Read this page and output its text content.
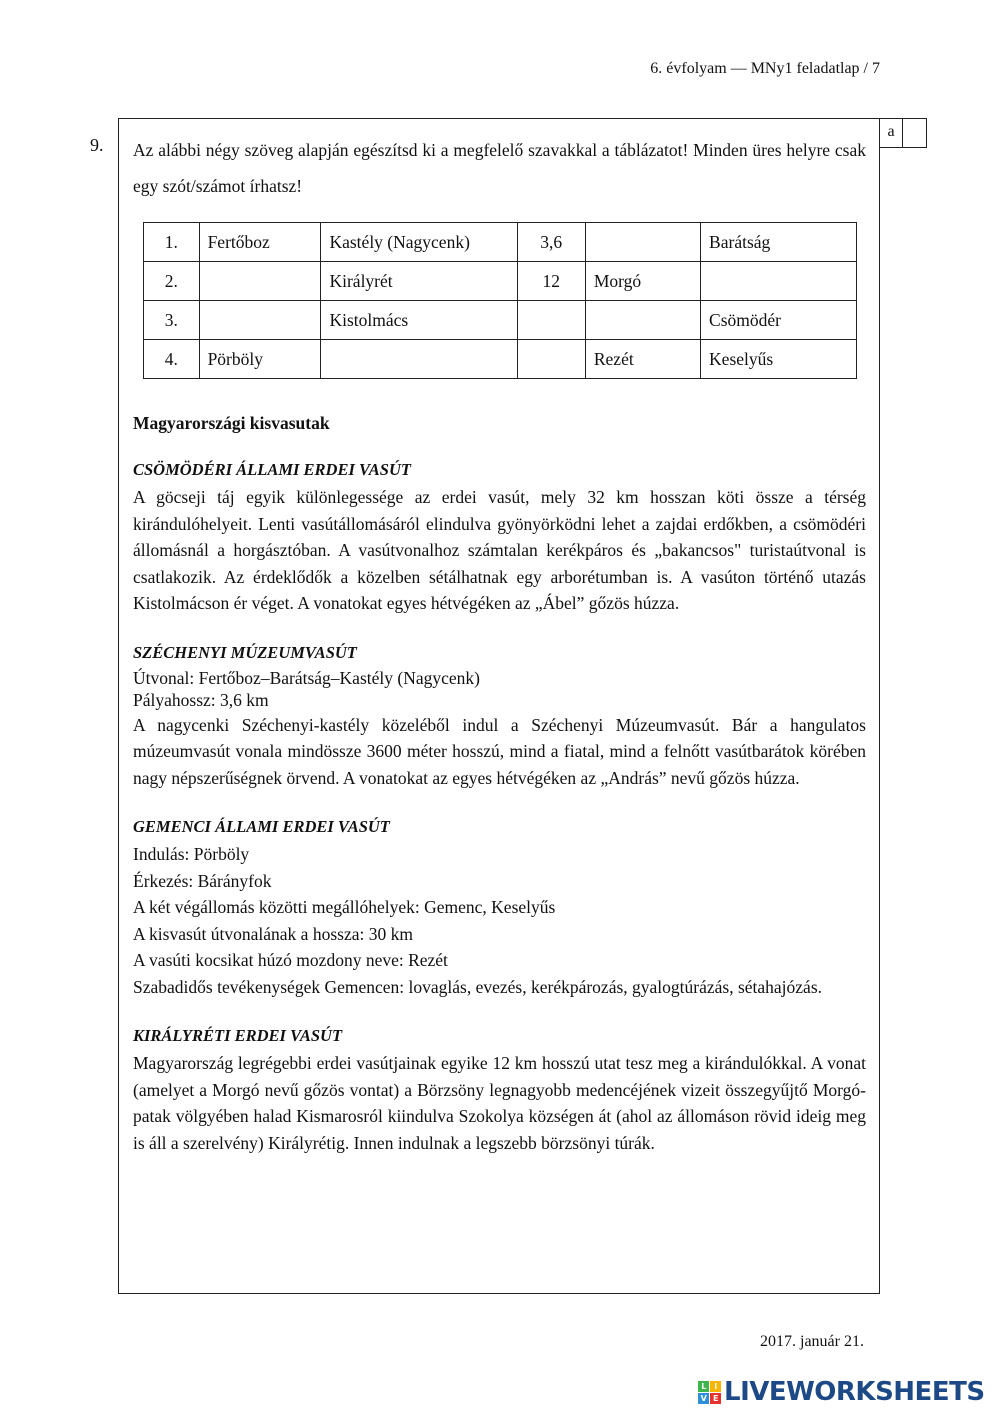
6. évfolyam — MNy1 feladatlap / 7
9.
a

Az alábbi négy szöveg alapján egészítsd ki a megfelelő szavakkal a táblázatot! Minden üres helyre csak egy szót/számot írhatsz!

1.	Fertőboz	Kastély (Nagycenk)	3,6		Barátság
2.		Királyrét	12	Morgó	
3.		Kistolmács			Csömödér
4.	Pörböly			Rezét	Keselyűs
Magyarországi kisvasutak
CSÖMÖDÉRI ÁLLAMI ERDEI VASÚT

A göcseji táj egyik különlegessége az erdei vasút, mely 32 km hosszan köti össze a térség kirándulóhelyeit. Lenti vasútállomásáról elindulva gyönyörködni lehet a zajdai erdőkben, a csömödéri állomásnál a horgásztóban. A vasútvonalhoz számtalan kerékpáros és „bakancsos" turistaútvonal is csatlakozik. Az érdeklődők a közelben sétálhatnak egy arborétumban is. A vasúton történő utazás Kistolmácson ér véget. A vonatokat egyes hétvégéken az „Ábel” gőzös húzza.

SZÉCHENYI MÚZEUMVASÚT
Útvonal: Fertőboz–Barátság–Kastély (Nagycenk)
Pályahossz: 3,6 km

A nagycenki Széchenyi-kastély közeléből indul a Széchenyi Múzeumvasút. Bár a hangulatos múzeumvasút vonala mindössze 3600 méter hosszú, mind a fiatal, mind a felnőtt vasútbarátok körében nagy népszerűségnek örvend. A vonatokat az egyes hétvégéken az „András” nevű gőzös húzza.

GEMENCI ÁLLAMI ERDEI VASÚT
Indulás: Pörböly
Érkezés: Bárányfok
A két végállomás közötti megállóhelyek: Gemenc, Keselyűs
A kisvasút útvonalának a hossza: 30 km
A vasúti kocsikat húzó mozdony neve: Rezét

Szabadidős tevékenységek Gemencen: lovaglás, evezés, kerékpározás, gyalogtúrázás, sétahajózás.

KIRÁLYRÉTI ERDEI VASÚT

Magyarország legrégebbi erdei vasútjainak egyike 12 km hosszú utat tesz meg a kirándulókkal. A vonat (amelyet a Morgó nevű gőzös vontat) a Börzsöny legnagyobb medencéjének vizeit összegyűjtő Morgó-patak völgyében halad Kismarosról kiindulva Szokolya községen át (ahol az állomáson rövid ideig meg is áll a szerelvény) Királyrétig. Innen indulnak a legszebb börzsönyi túrák.

2017. január 21.
L	I
V E LIVEWORKSHEETS
